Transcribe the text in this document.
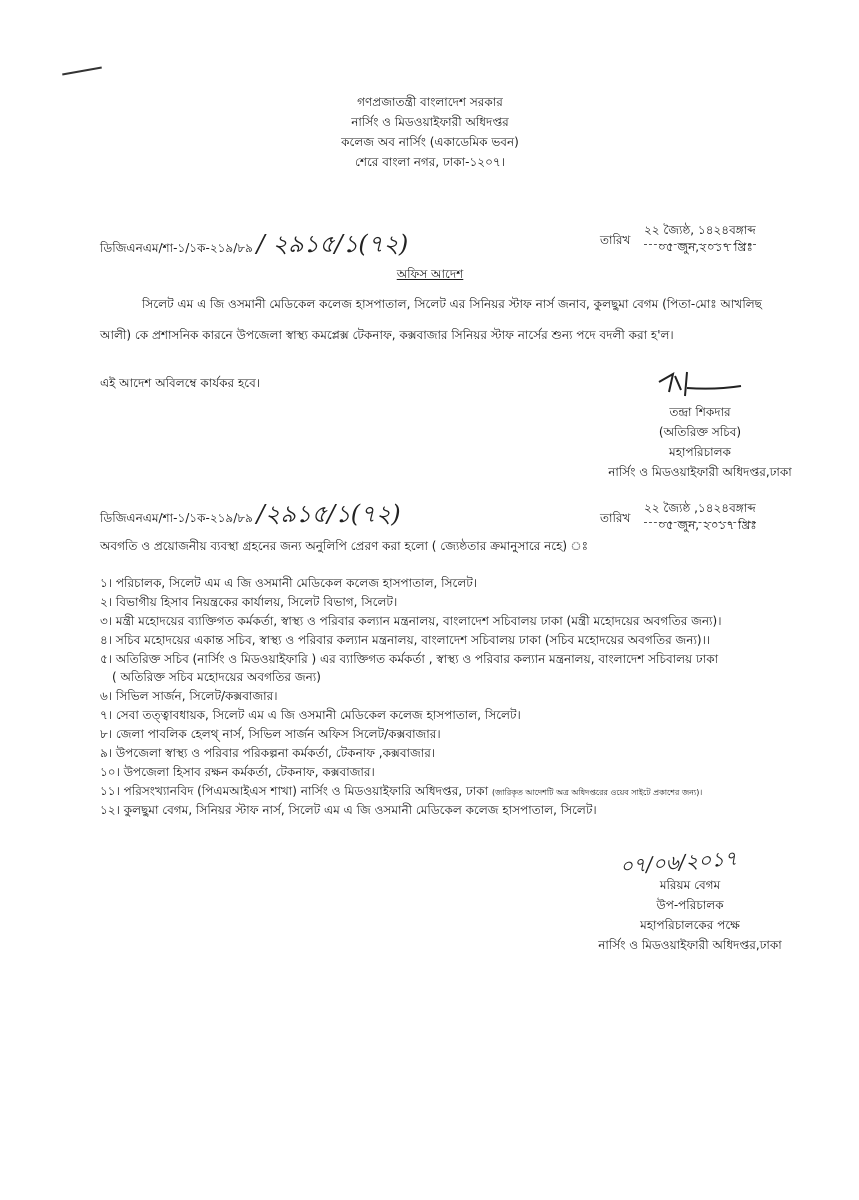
গণপ্রজাতন্ত্রী বাংলাদেশ সরকার
নার্সিং ও মিডওয়াইফারী অধিদপ্তর
কলেজ অব নার্সিং (একাডেমিক ভবন)
শেরে বাংলা নগর, ঢাকা-১২০৭।
ডিজিএনএম/শা-১/১ক-২১৯/৮৯ / ২৯১৫/১(৭২)	তারিখ
২২ জ্যৈষ্ঠ, ১৪২৪বঙ্গাব্দ
০৫ জুন,২০১৭ খ্রিঃ
অফিস আদেশ
সিলেট এম এ জি ওসমানী মেডিকেল কলেজ হাসপাতাল, সিলেট এর সিনিয়র স্টাফ নার্স জনাব, কুলছুমা বেগম (পিতা-মোঃ আখলিছ
আলী) কে প্রশাসনিক কারনে উপজেলা স্বাস্থ্য কমপ্লেক্স টেকনাফ, কক্সবাজার সিনিয়র স্টাফ নার্সের শুন্য পদে বদলী করা হ'ল।
এই আদেশ অবিলম্বে কার্যকর হবে।
তন্দ্রা শিকদার
(অতিরিক্ত সচিব)
মহাপরিচালক
নার্সিং ও মিডওয়াইফারী অধিদপ্তর,ঢাকা
ডিজিএনএম/শা-১/১ক-২১৯/৮৯ /২৯১৫/১(৭২)	তারিখ
২২ জ্যৈষ্ঠ ,১৪২৪বঙ্গাব্দ
০৫ জুন, ২০১৭ খ্রিঃ
অবগতি ও প্রয়োজনীয় ব্যবস্থা গ্রহনের জন্য অনুলিপি প্রেরণ করা হলো ( জ্যেষ্ঠতার ক্রমানুসারে নহে) ঃ
১। পরিচালক, সিলেট এম এ জি ওসমানী মেডিকেল কলেজ হাসপাতাল, সিলেট।
২। বিভাগীয় হিসাব নিয়ন্ত্রকের কার্যালয়, সিলেট বিভাগ, সিলেট।
৩। মন্ত্রী মহোদয়ের ব্যাক্তিগত কর্মকর্তা, স্বাস্থ্য ও পরিবার কল্যান মন্ত্রনালয়, বাংলাদেশ সচিবালয় ঢাকা (মন্ত্রী মহোদয়ের অবগতির জন্য)।
৪। সচিব মহোদয়ের একান্ত সচিব, স্বাস্থ্য ও পরিবার কল্যান মন্ত্রনালয়, বাংলাদেশ সচিবালয় ঢাকা (সচিব মহোদয়ের অবগতির জন্য)।।
৫। অতিরিক্ত সচিব (নার্সিং ও মিডওয়াইফারি ) এর ব্যাক্তিগত কর্মকর্তা , স্বাস্থ্য ও পরিবার কল্যান মন্ত্রনালয়, বাংলাদেশ সচিবালয় ঢাকা
( অতিরিক্ত সচিব মহোদয়ের অবগতির জন্য)
৬। সিভিল সার্জন, সিলেট/কক্সবাজার।
৭। সেবা তত্ত্বাবধায়ক, সিলেট এম এ জি ওসমানী মেডিকেল কলেজ হাসপাতাল, সিলেট।
৮। জেলা পাবলিক হেলথ্ নার্স, সিভিল সার্জন অফিস সিলেট/কক্সবাজার।
৯। উপজেলা স্বাস্থ্য ও পরিবার পরিকল্পনা কর্মকর্তা, টেকনাফ ,কক্সবাজার।
১০। উপজেলা হিসাব রক্ষন কর্মকর্তা, টেকনাফ, কক্সবাজার।
১১। পরিসংখ্যানবিদ (পিএমআইএস শাখা) নার্সিং ও মিডওয়াইফারি অধিদপ্তর, ঢাকা (জারিকৃত আদেশটি অত্র অধিদপ্তরের ওয়েব সাইটে প্রকাশের জন্য)।
১২। কুলছুমা বেগম, সিনিয়র স্টাফ নার্স, সিলেট এম এ জি ওসমানী মেডিকেল কলেজ হাসপাতাল, সিলেট।
০৭/০৬/২০১৭
মরিয়ম বেগম
উপ-পরিচালক
মহাপরিচালকের পক্ষে
নার্সিং ও মিডওয়াইফারী অধিদপ্তর,ঢাকা
